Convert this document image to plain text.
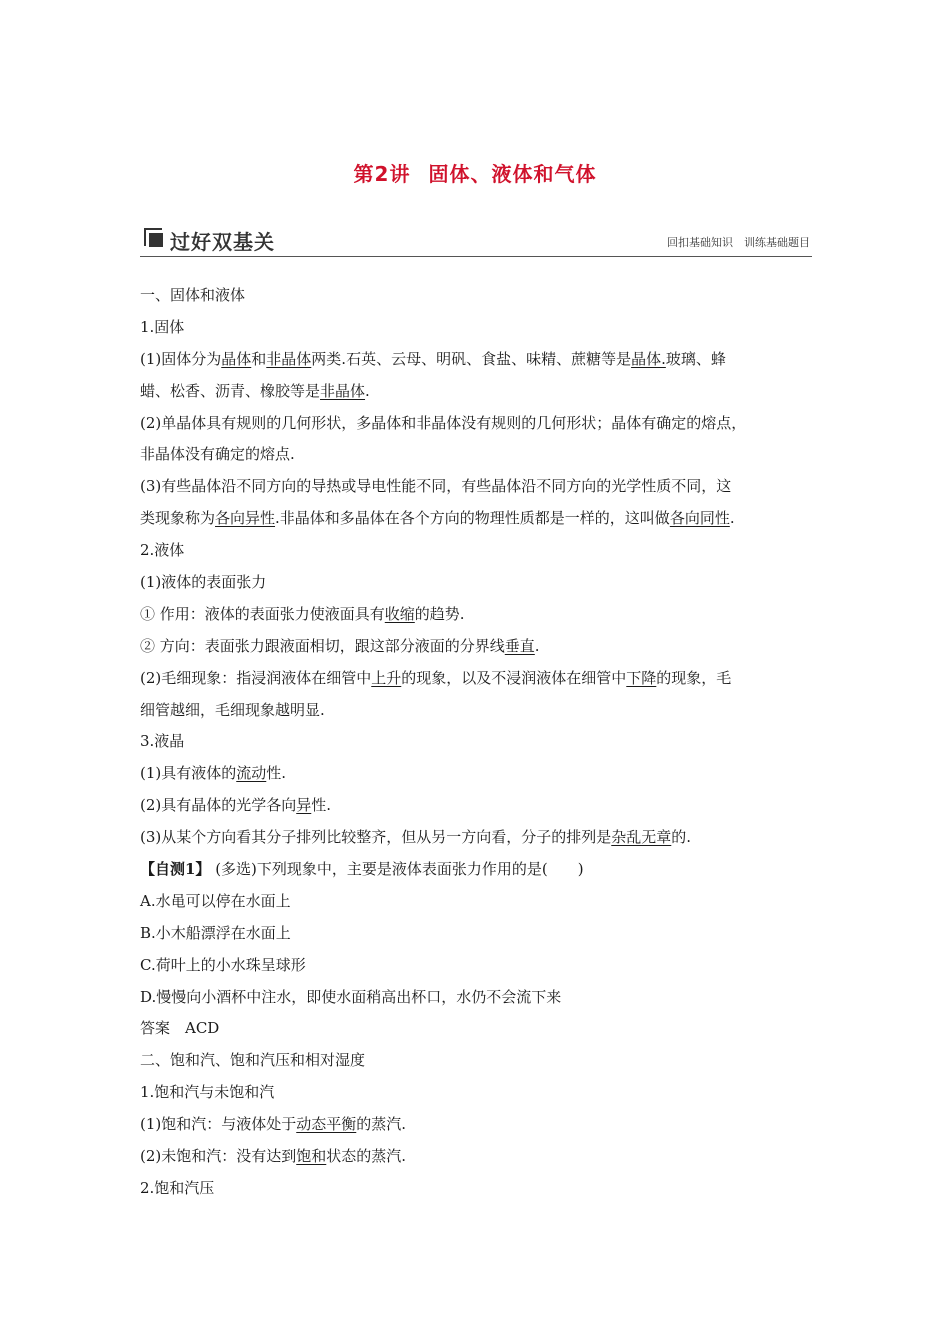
第2讲 固体、液体和气体
过好双基关	回扣基础知识　训练基础题目
一、固体和液体
1.固体
(1)固体分为晶体和非晶体两类.石英、云母、明矾、食盐、味精、蔗糖等是晶体.玻璃、蜂
蜡、松香、沥青、橡胶等是非晶体.
(2)单晶体具有规则的几何形状，多晶体和非晶体没有规则的几何形状；晶体有确定的熔点，
非晶体没有确定的熔点.
(3)有些晶体沿不同方向的导热或导电性能不同，有些晶体沿不同方向的光学性质不同，这
类现象称为各向异性.非晶体和多晶体在各个方向的物理性质都是一样的，这叫做各向同性.
2.液体
(1)液体的表面张力
① 作用：液体的表面张力使液面具有收缩的趋势.
② 方向：表面张力跟液面相切，跟这部分液面的分界线垂直.
(2)毛细现象：指浸润液体在细管中上升的现象，以及不浸润液体在细管中下降的现象，毛
细管越细，毛细现象越明显.
3.液晶
(1)具有液体的流动性.
(2)具有晶体的光学各向异性.
(3)从某个方向看其分子排列比较整齐，但从另一方向看，分子的排列是杂乱无章的.
【自测1】 (多选)下列现象中，主要是液体表面张力作用的是(　　)
A.水黾可以停在水面上
B.小木船漂浮在水面上
C.荷叶上的小水珠呈球形
D.慢慢向小酒杯中注水，即使水面稍高出杯口，水仍不会流下来
答案　ACD
二、饱和汽、饱和汽压和相对湿度
1.饱和汽与未饱和汽
(1)饱和汽：与液体处于动态平衡的蒸汽.
(2)未饱和汽：没有达到饱和状态的蒸汽.
2.饱和汽压
